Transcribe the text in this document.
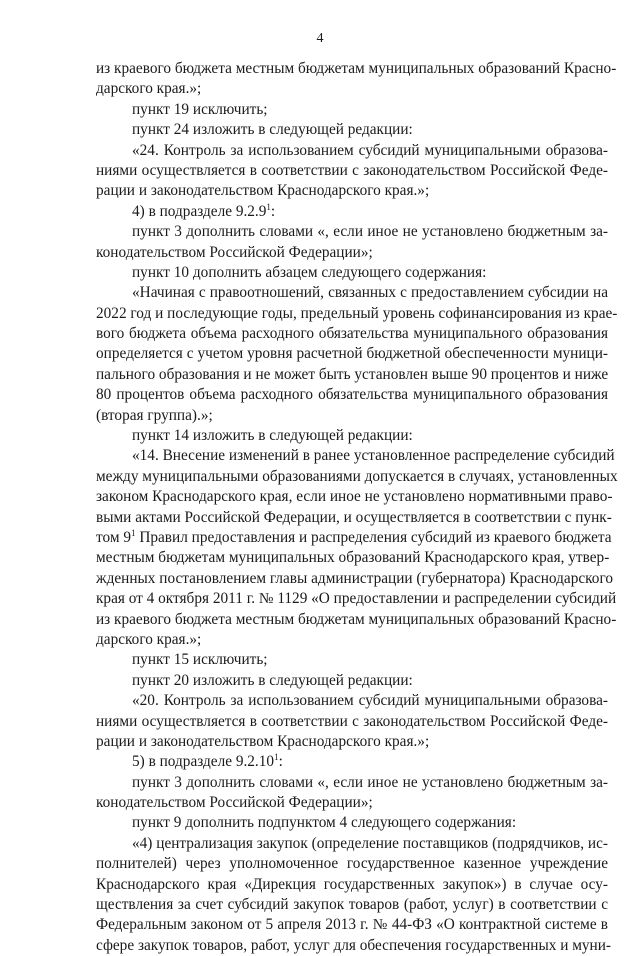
4
из краевого бюджета местным бюджетам муниципальных образований Красно-
дарского края.»;
пункт 19 исключить;
пункт 24 изложить в следующей редакции:
«24. Контроль за использованием субсидий муниципальными образова-
ниями осуществляется в соответствии с законодательством Российской Феде-
рации и законодательством Краснодарского края.»;
4) в подразделе 9.2.9$^1$:
пункт 3 дополнить словами «, если иное не установлено бюджетным за-
конодательством Российской Федерации»;
пункт 10 дополнить абзацем следующего содержания:
«Начиная с правоотношений, связанных с предоставлением субсидии на
2022 год и последующие годы, предельный уровень софинансирования из крае-
вого бюджета объема расходного обязательства муниципального образования
определяется с учетом уровня расчетной бюджетной обеспеченности муници-
пального образования и не может быть установлен выше 90 процентов и ниже
80 процентов объема расходного обязательства муниципального образования
(вторая группа).»;
пункт 14 изложить в следующей редакции:
«14. Внесение изменений в ранее установленное распределение субсидий
между муниципальными образованиями допускается в случаях, установленных
законом Краснодарского края, если иное не установлено нормативными право-
выми актами Российской Федерации, и осуществляется в соответствии с пунк-
том $9^1$ Правил предоставления и распределения субсидий из краевого бюджета
местным бюджетам муниципальных образований Краснодарского края, утвер-
жденных постановлением главы администрации (губернатора) Краснодарского
края от 4 октября 2011 г. № 1129 «О предоставлении и распределении субсидий
из краевого бюджета местным бюджетам муниципальных образований Красно-
дарского края.»;
пункт 15 исключить;
пункт 20 изложить в следующей редакции:
«20. Контроль за использованием субсидий муниципальными образова-
ниями осуществляется в соответствии с законодательством Российской Феде-
рации и законодательством Краснодарского края.»;
5) в подразделе 9.2.10$^1$:
пункт 3 дополнить словами «, если иное не установлено бюджетным за-
конодательством Российской Федерации»;
пункт 9 дополнить подпунктом 4 следующего содержания:
«4) централизация закупок (определение поставщиков (подрядчиков, ис-
полнителей) через уполномоченное государственное казенное учреждение
Краснодарского края «Дирекция государственных закупок») в случае осу-
ществления за счет субсидий закупок товаров (работ, услуг) в соответствии с
Федеральным законом от 5 апреля 2013 г. № 44-ФЗ «О контрактной системе в
сфере закупок товаров, работ, услуг для обеспечения государственных и муни-
